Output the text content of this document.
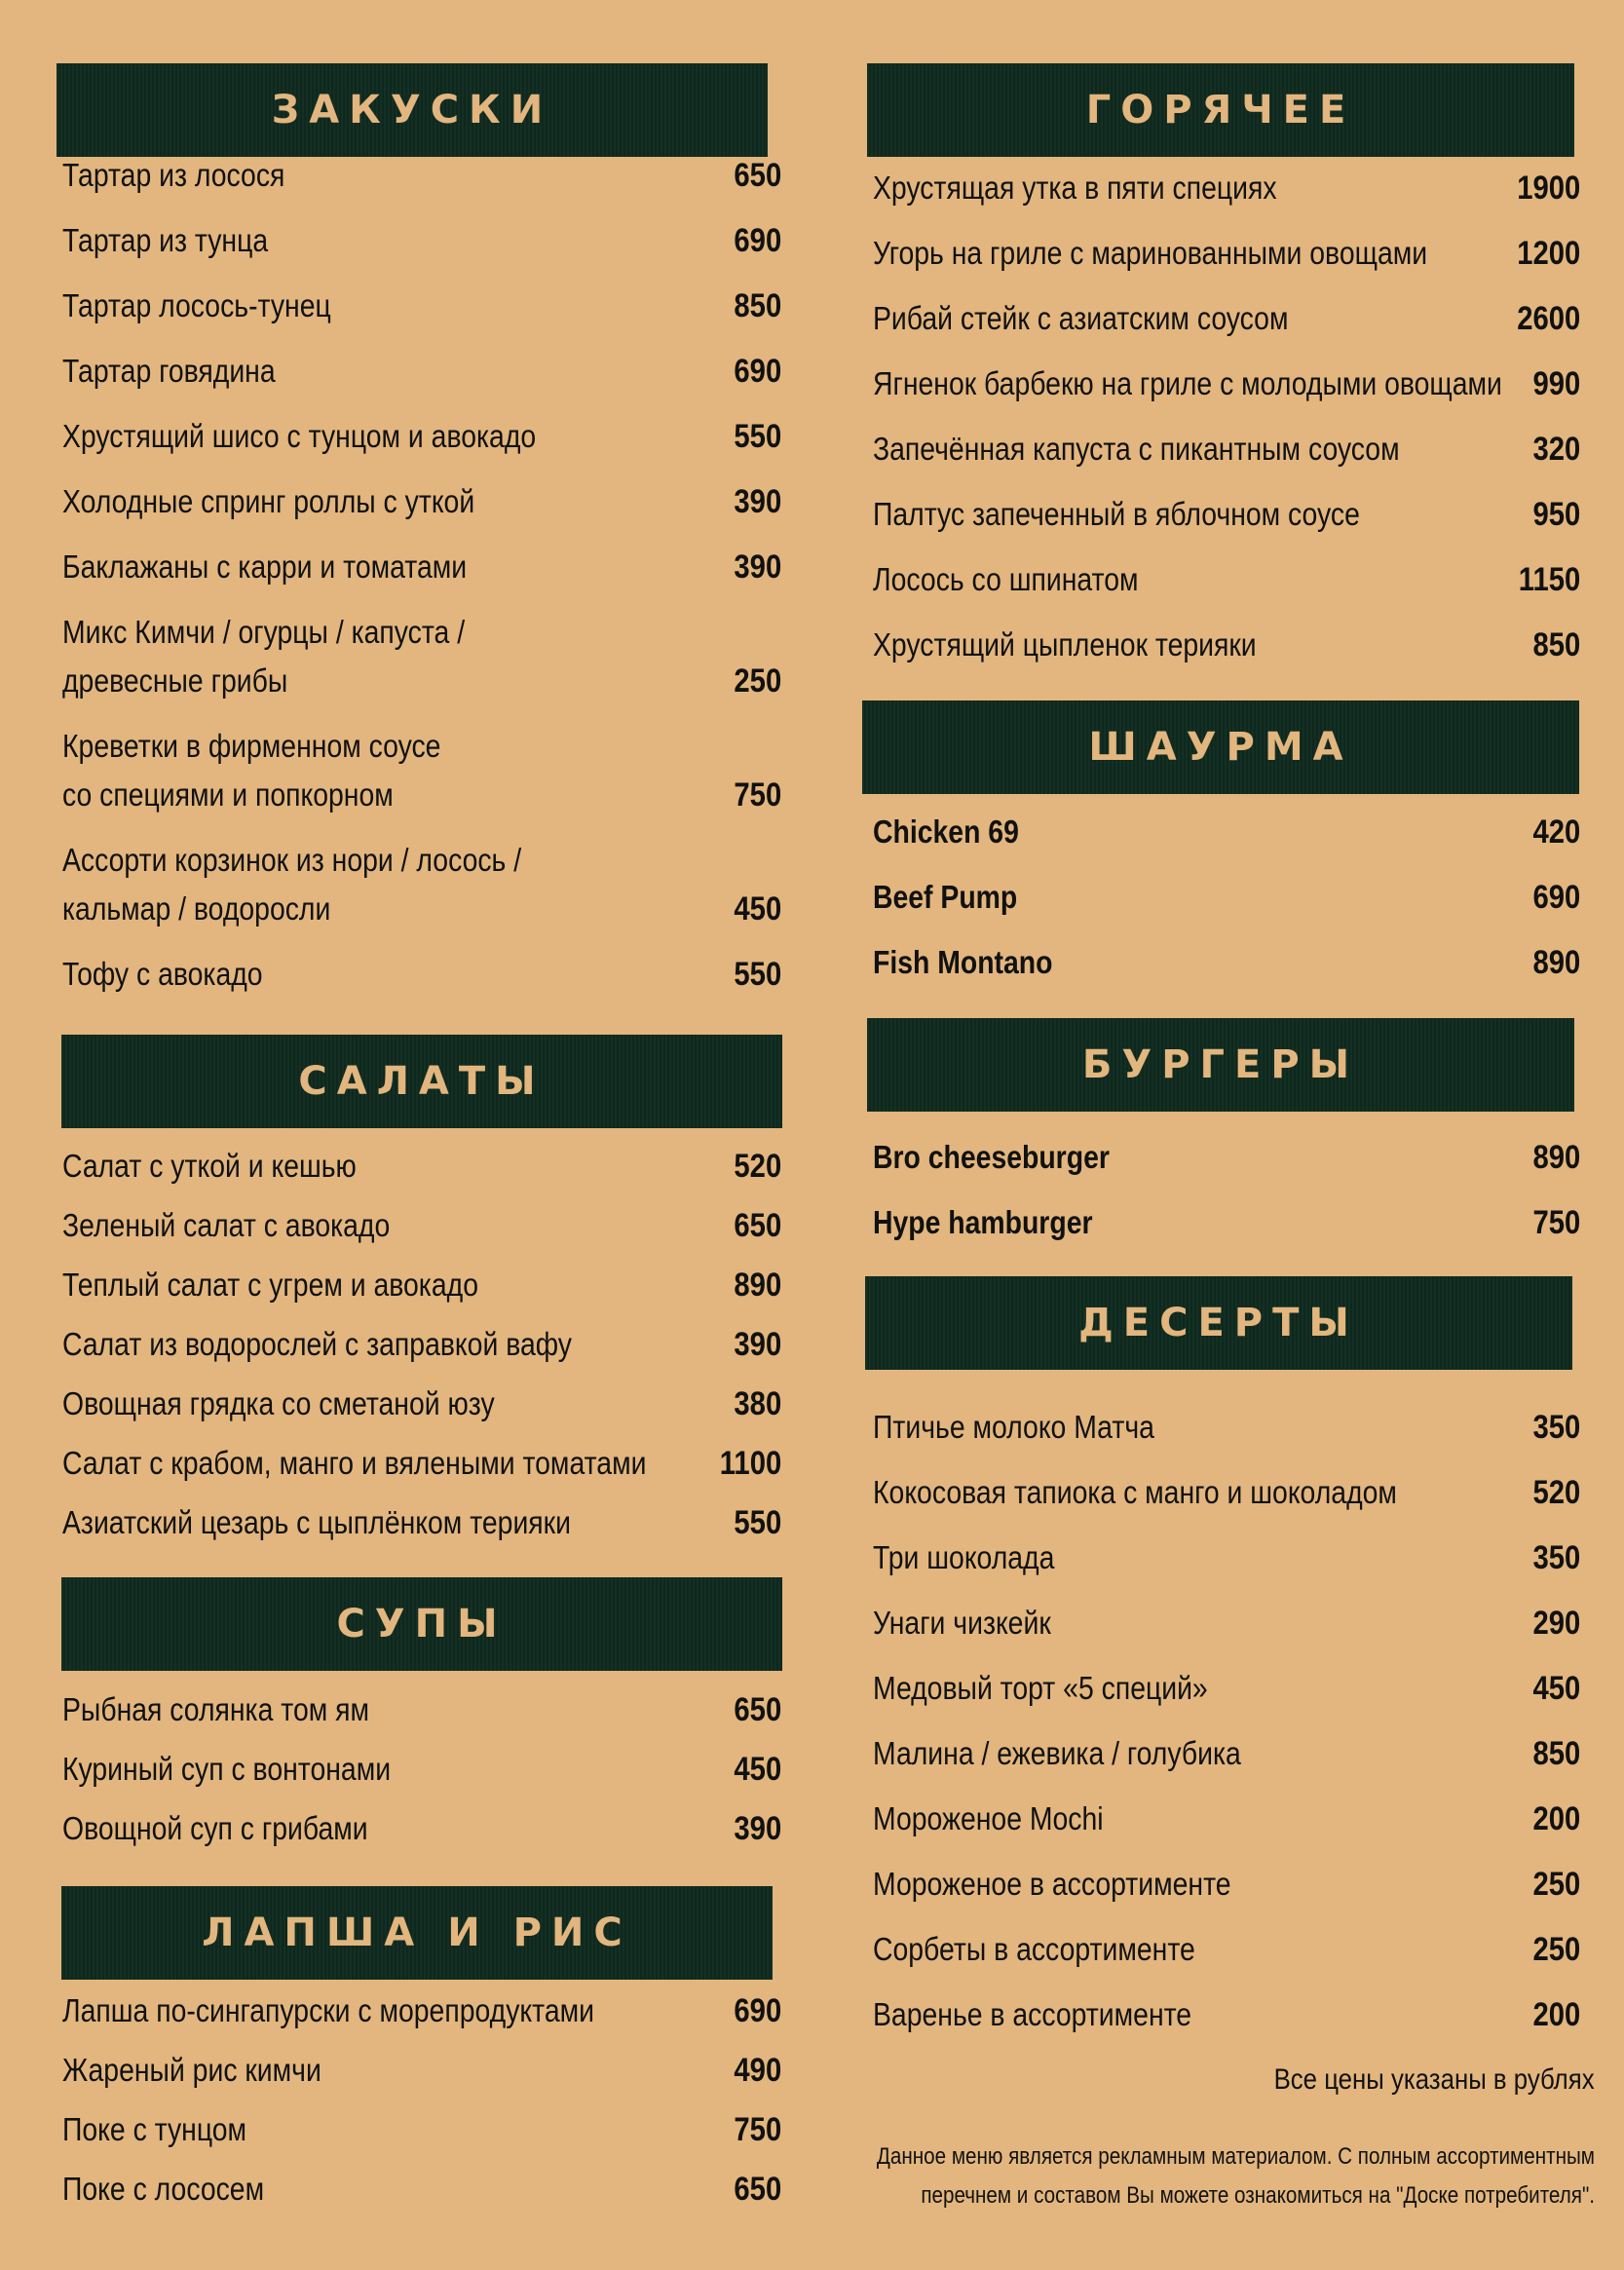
ЗАКУСКИ
САЛАТЫ
СУПЫ
ЛАПША И РИС
Тартар из лосося	650
Тартар из тунца	690
Тартар лосось-тунец	850
Тартар говядина	690
Хрустящий шисо с тунцом и авокадо	550
Холодные спринг роллы с уткой	390
Баклажаны с карри и томатами	390
Микс Кимчи / огурцы / капуста /
древесные грибы	250
Креветки в фирменном соусе
со специями и попкорном	750
Ассорти корзинок из нори / лосось /
кальмар / водоросли	450
Тофу с авокадо	550
Салат с уткой и кешью	520
Зеленый салат с авокадо	650
Теплый салат с угрем и авокадо	890
Салат из водорослей с заправкой вафу	390
Овощная грядка со сметаной юзу	380
Салат с крабом, манго и вялеными томатами	1100
Азиатский цезарь с цыплёнком терияки	550
Рыбная солянка том ям	650
Куриный суп с вонтонами	450
Овощной суп с грибами	390
Лапша по-сингапурски с морепродуктами	690
Жареный рис кимчи	490
Поке с тунцом	750
Поке с лососем	650
ГОРЯЧЕЕ
ШАУРМА
БУРГЕРЫ
ДЕСЕРТЫ
Хрустящая утка в пяти специях	1900
Угорь на гриле с маринованными овощами	1200
Рибай стейк с азиатским соусом	2600
Ягненок барбекю на гриле с молодыми овощами 990
Запечённая капуста с пикантным соусом	320
Палтус запеченный в яблочном соусе	950
Лосось со шпинатом	1150
Хрустящий цыпленок терияки	850
Chicken 69	420
Beef Pump	690
Fish Montano	890
Bro cheeseburger	890
Hype hamburger	750
Птичье молоко Матча	350
Кокосовая тапиока с манго и шоколадом	520
Три шоколада	350
Унаги чизкейк	290
Медовый торт «5 специй»	450
Малина / ежевика / голубика	850
Мороженое Mochi	200
Мороженое в ассортименте	250
Сорбеты в ассортименте	250
Варенье в ассортименте	200
Все цены указаны в рублях
Данное меню является рекламным материалом. С полным ассортиментным
перечнем и составом Вы можете ознакомиться на "Доске потребителя".
